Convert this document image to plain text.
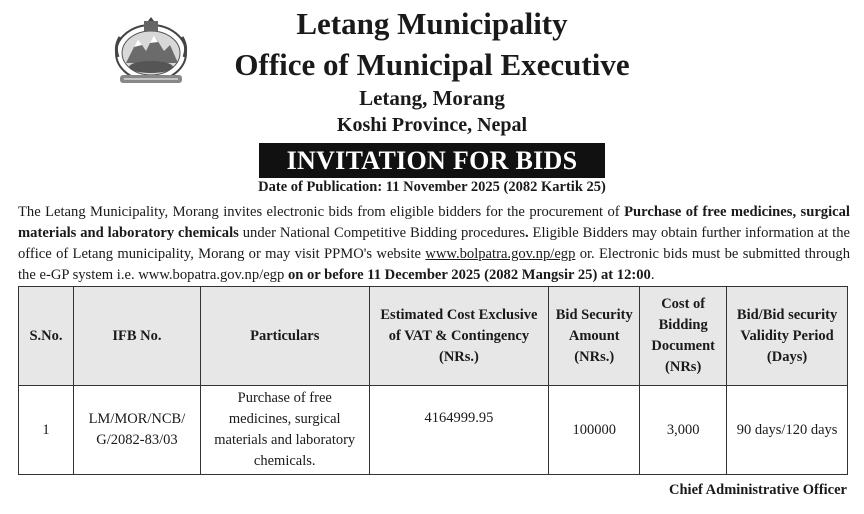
Letang Municipality
Office of Municipal Executive
Letang, Morang
Koshi Province, Nepal
INVITATION FOR BIDS
Date of Publication: 11 November 2025 (2082 Kartik 25)
The Letang Municipality, Morang invites electronic bids from eligible bidders for the procurement of Purchase of free medicines, surgical materials and laboratory chemicals under National Competitive Bidding procedures. Eligible Bidders may obtain further information at the office of Letang municipality, Morang or may visit PPMO's website www.bolpatra.gov.np/egp or. Electronic bids must be submitted through the e-GP system i.e. www.bopatra.gov.np/egp on or before 11 December 2025 (2082 Mangsir 25) at 12:00.
S.No.	IFB No.	Particulars	Estimated Cost Exclusive of VAT & Contingency (NRs.)	Bid Security Amount (NRs.)	Cost of Bidding Document (NRs)	Bid/Bid security Validity Period (Days)
1	LM/MOR/NCB/ G/2082-83/03	Purchase of free medicines, surgical materials and laboratory chemicals.	4164999.95	100000	3,000	90 days/120 days
Chief Administrative Officer
